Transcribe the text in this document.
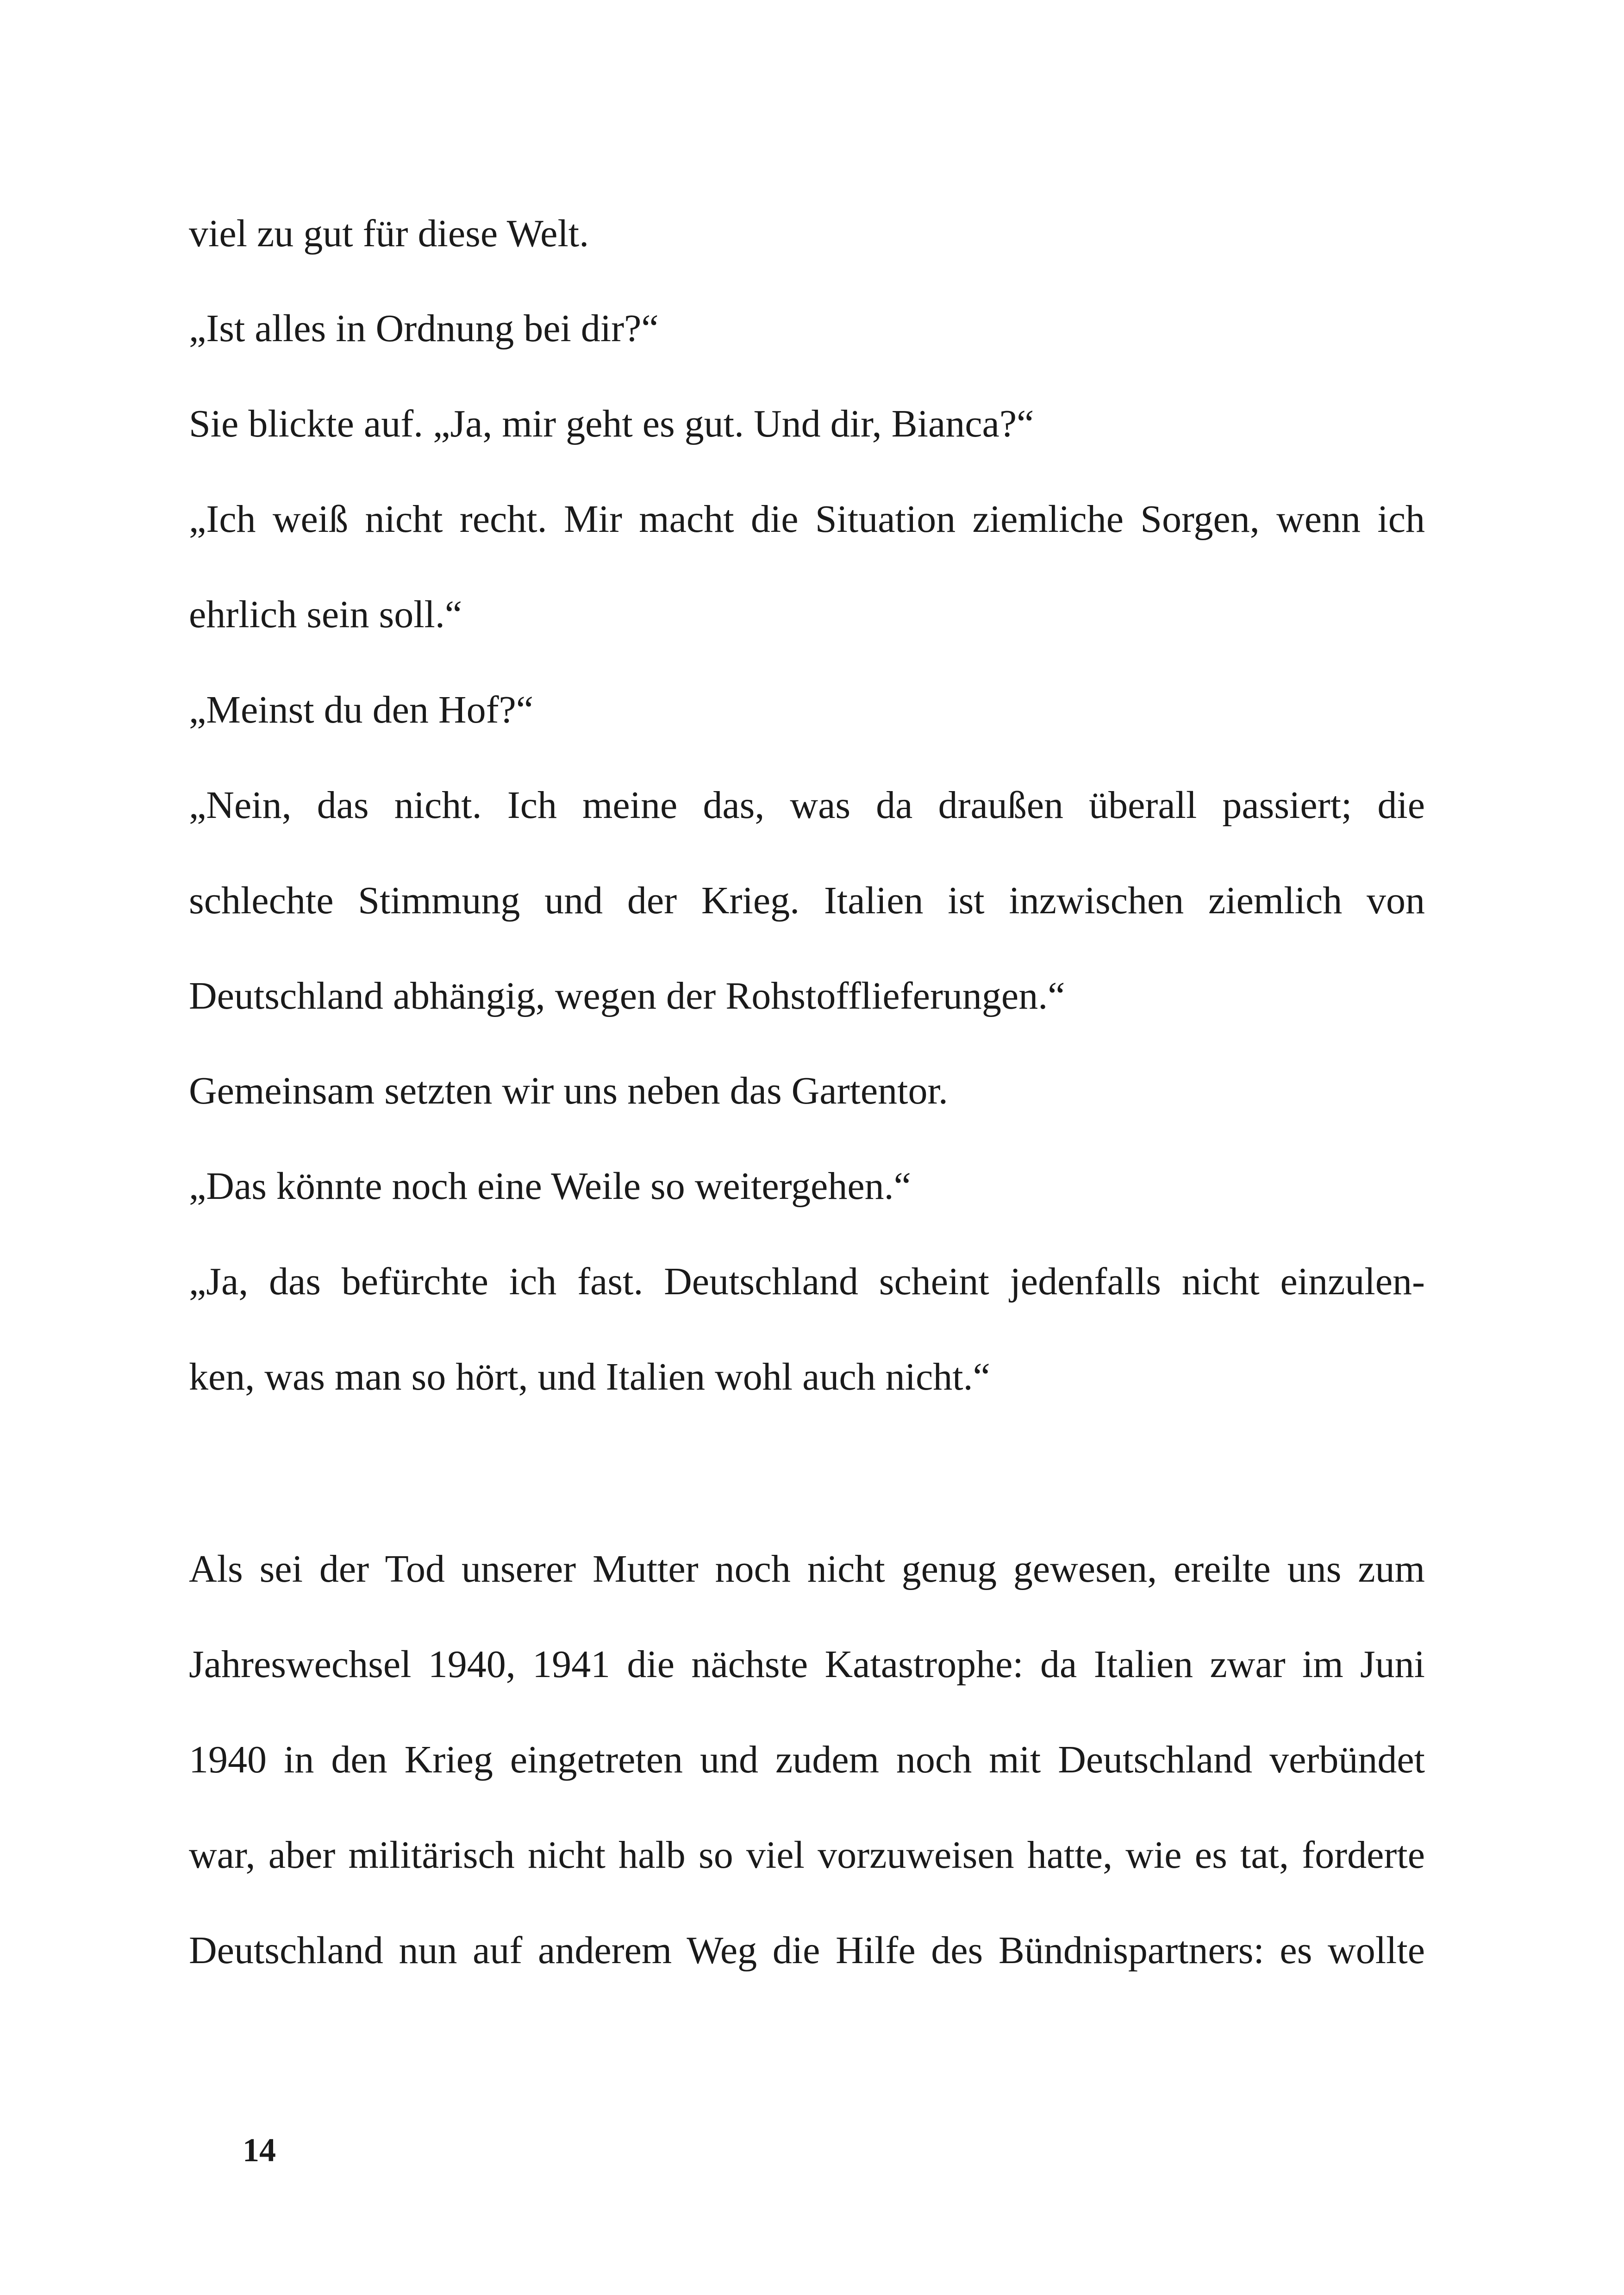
viel zu gut für diese Welt.
„Ist alles in Ordnung bei dir?“
Sie blickte auf. „Ja, mir geht es gut. Und dir, Bianca?“
„Ich weiß nicht recht. Mir macht die Situation ziemliche Sorgen, wenn ich
ehrlich sein soll.“
„Meinst du den Hof?“
„Nein, das nicht. Ich meine das, was da draußen überall passiert; die
schlechte Stimmung und der Krieg. Italien ist inzwischen ziemlich von
Deutschland abhängig, wegen der Rohstofflieferungen.“
Gemeinsam setzten wir uns neben das Gartentor.
„Das könnte noch eine Weile so weitergehen.“
„Ja, das befürchte ich fast. Deutschland scheint jedenfalls nicht einzulen-
ken, was man so hört, und Italien wohl auch nicht.“
Als sei der Tod unserer Mutter noch nicht genug gewesen, ereilte uns zum
Jahreswechsel 1940, 1941 die nächste Katastrophe: da Italien zwar im Juni
1940 in den Krieg eingetreten und zudem noch mit Deutschland verbündet
war, aber militärisch nicht halb so viel vorzuweisen hatte, wie es tat, forderte
Deutschland nun auf anderem Weg die Hilfe des Bündnispartners: es wollte
14
